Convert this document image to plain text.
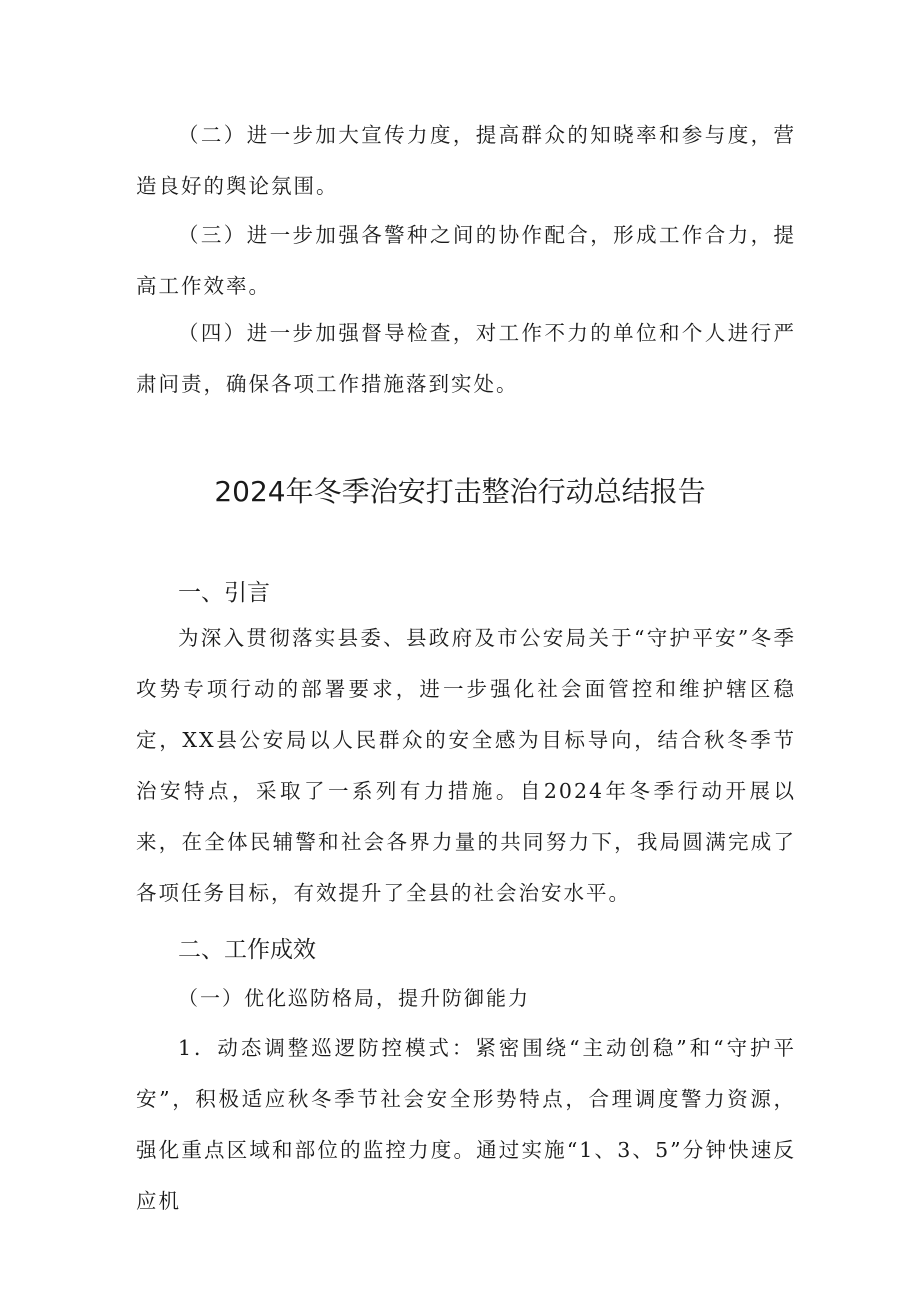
（二）进一步加大宣传力度，提高群众的知晓率和参与度，营造良好的舆论氛围。

（三）进一步加强各警种之间的协作配合，形成工作合力，提高工作效率。

（四）进一步加强督导检查，对工作不力的单位和个人进行严肃问责，确保各项工作措施落到实处。

2024年冬季治安打击整治行动总结报告
一、引言

为深入贯彻落实县委、县政府及市公安局关于“守护平安”冬季攻势专项行动的部署要求，进一步强化社会面管控和维护辖区稳定，XX县公安局以人民群众的安全感为目标导向，结合秋冬季节治安特点，采取了一系列有力措施。自2024年冬季行动开展以来，在全体民辅警和社会各界力量的共同努力下，我局圆满完成了各项任务目标，有效提升了全县的社会治安水平。

二、工作成效

（一）优化巡防格局，提升防御能力

1．动态调整巡逻防控模式：紧密围绕“主动创稳”和“守护平安”，积极适应秋冬季节社会安全形势特点，合理调度警力资源，强化重点区域和部位的监控力度。通过实施“1、3、5”分钟快速反应机
